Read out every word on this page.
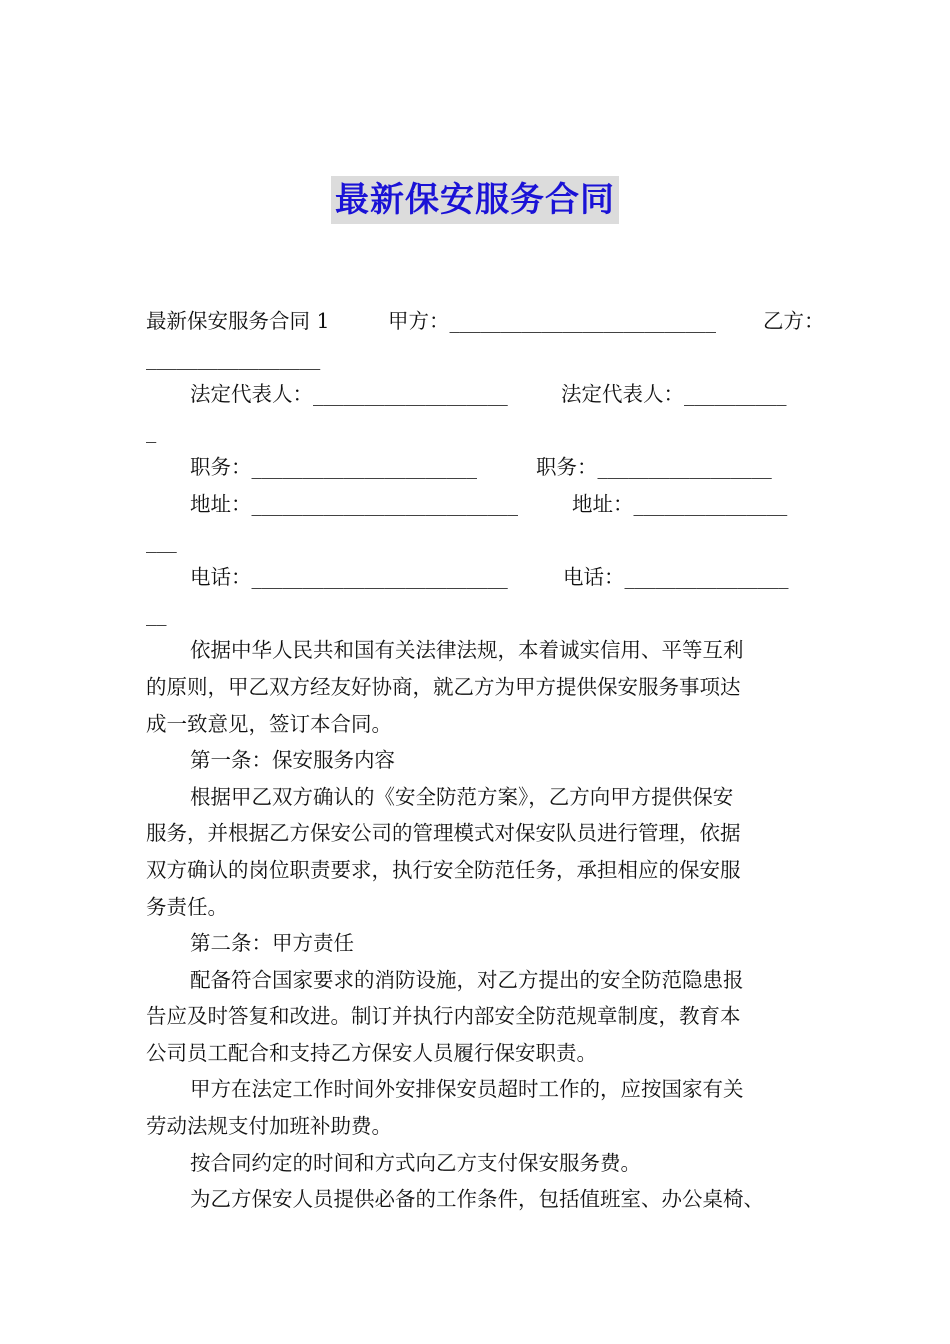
最新保安服务合同
最新保安服务合同 1	甲方：__________________________ 乙方：
_________________
法定代表人：___________________	法定代表人：__________
_
职务：______________________	职务：_________________
地址：__________________________	地址：_______________
___
电话：_________________________	电话：________________
__
依据中华人民共和国有关法律法规，本着诚实信用、平等互利
的原则，甲乙双方经友好协商，就乙方为甲方提供保安服务事项达
成一致意见，签订本合同。
第一条：保安服务内容
根据甲乙双方确认的《安全防范方案》，乙方向甲方提供保安
服务，并根据乙方保安公司的管理模式对保安队员进行管理，依据
双方确认的岗位职责要求，执行安全防范任务，承担相应的保安服
务责任。
第二条：甲方责任
配备符合国家要求的消防设施，对乙方提出的安全防范隐患报
告应及时答复和改进。制订并执行内部安全防范规章制度，教育本
公司员工配合和支持乙方保安人员履行保安职责。
甲方在法定工作时间外安排保安员超时工作的，应按国家有关
劳动法规支付加班补助费。
按合同约定的时间和方式向乙方支付保安服务费。
为乙方保安人员提供必备的工作条件，包括值班室、办公桌椅、
